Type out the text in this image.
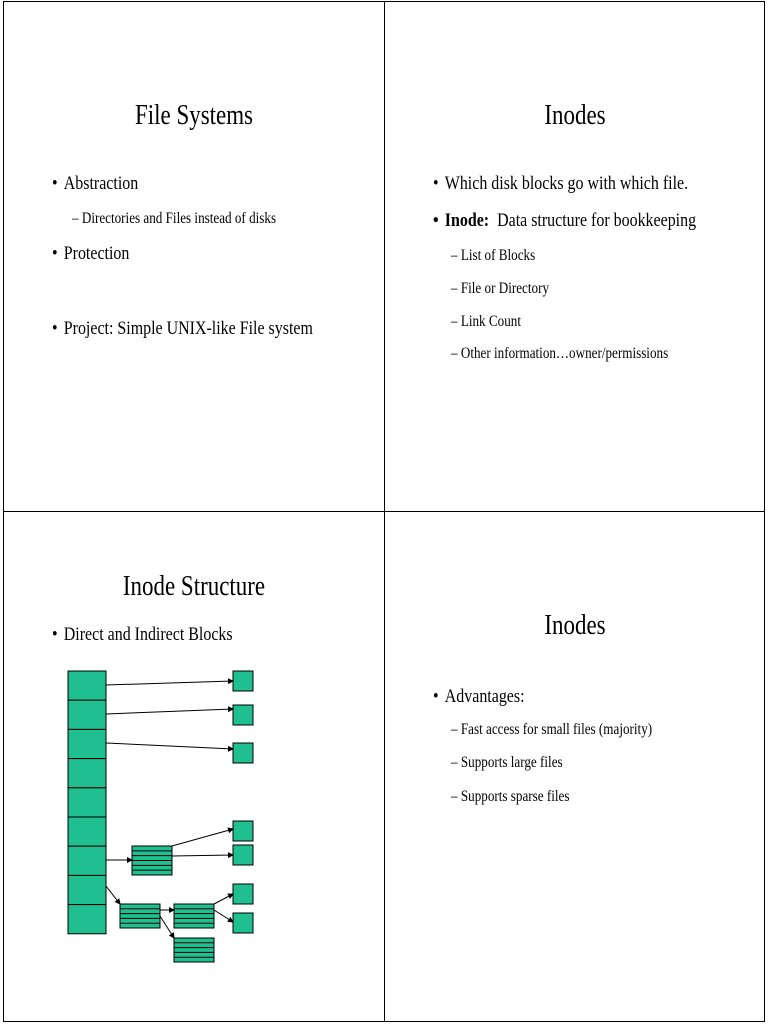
File Systems
• Abstraction
– Directories and Files instead of disks
• Protection
• Project: Simple UNIX-like File system
Inodes
• Which disk blocks go with which file.
• Inode:  Data structure for bookkeeping
– List of Blocks
– File or Directory
– Link Count
– Other information…owner/permissions
Inode Structure
• Direct and Indirect Blocks	Inodes
• Advantages:
– Fast access for small files (majority)
– Supports large files
– Supports sparse files
